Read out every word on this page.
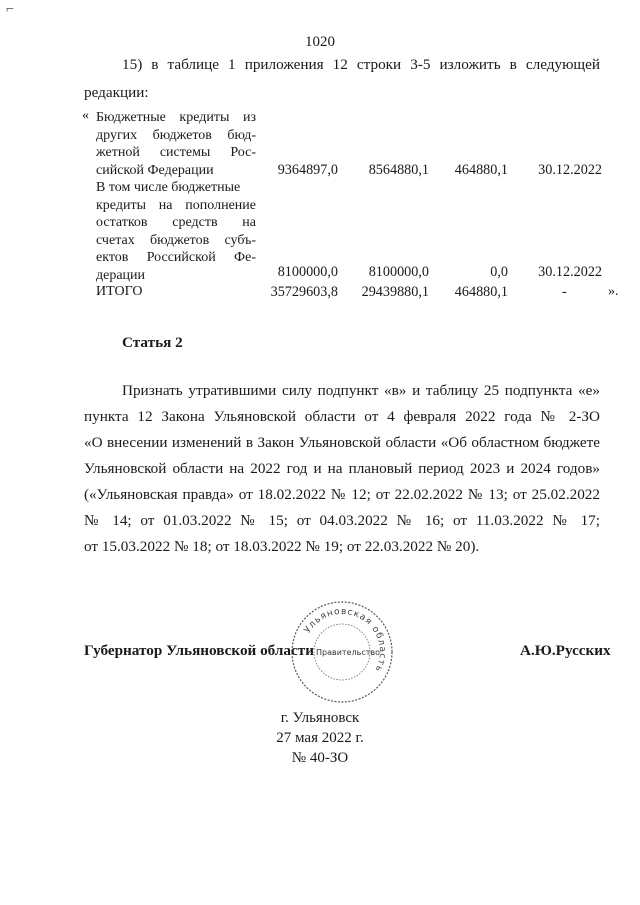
⌐
1020
15) в таблице 1 приложения 12 строки 3-5 изложить в следующей
редакции:
« Бюджетные кредиты из
других бюджетов бюд-
жетной системы Рос-
сийской Федерации	9364897,0	8564880,1	464880,1	30.12.2022
В том числе бюджетные
кредиты на пополнение
остатков средств на
счетах бюджетов субъ-
ектов Российской Фе-
дерации	8100000,0	8100000,0	0,0	30.12.2022
ИТОГО	35729603,8	29439880,1	464880,1	-	».
Статья 2
Признать утратившими силу подпункт «в» и таблицу 25 подпункта «е»
пункта 12 Закона Ульяновской области от 4 февраля 2022 года № 2-ЗО
«О внесении изменений в Закон Ульяновской области «Об областном бюджете
Ульяновской области на 2022 год и на плановый период 2023 и 2024 годов»
(«Ульяновская правда» от 18.02.2022 № 12; от 22.02.2022 № 13; от 25.02.2022
№ 14; от 01.03.2022 № 15; от 04.03.2022 № 16; от 11.03.2022 № 17;
от 15.03.2022 № 18; от 18.03.2022 № 19; от 22.03.2022 № 20).
Ульяновская область
Правительство
Губернатор Ульяновской области	А.Ю.Русских
г. Ульяновск
27 мая 2022 г.
№ 40-ЗО
